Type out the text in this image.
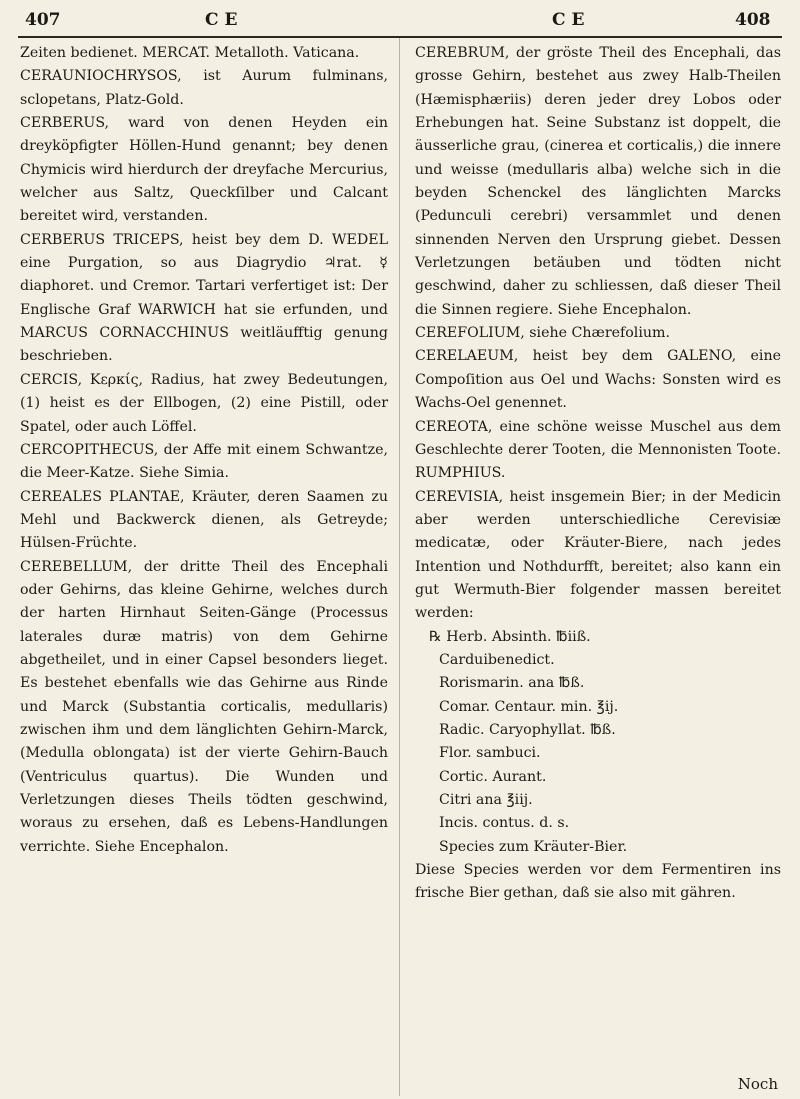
407	C E	C E	408

Zeiten bedienet. MERCAT. Metalloth. Vaticana.

CERAUNIOCHRYSOS, ist Aurum fulminans, sclopetans, Platz-Gold.

CERBERUS, ward von denen Heyden ein dreyköpfigter Höllen-Hund genannt; bey denen Chymicis wird hierdurch der dreyfache Mercurius, welcher aus Saltz, Queckſilber und Calcant bereitet wird, verstanden.

CERBERUS TRICEPS, heist bey dem D. WEDEL eine Purgation, so aus Diagrydio ♃rat. ☿ diaphoret. und Cremor. Tartari verfertiget ist: Der Englische Graf WARWICH hat sie erfunden, und MARCUS CORNACCHINUS weitläufftig genung beschrieben.

CERCIS, Κερκίς, Radius, hat zwey Bedeutungen, (1) heist es der Ellbogen, (2) eine Pistill, oder Spatel, oder auch Löffel.

CERCOPITHECUS, der Affe mit einem Schwantze, die Meer-Katze. Siehe Simia.

CEREALES PLANTAE, Kräuter, deren Saamen zu Mehl und Backwerck dienen, als Getreyde; Hülsen-Früchte.

CEREBELLUM, der dritte Theil des Encephali oder Gehirns, das kleine Gehirne, welches durch der harten Hirnhaut Seiten-Gänge (Processus laterales duræ matris) von dem Gehirne abgetheilet, und in einer Capsel besonders lieget. Es bestehet ebenfalls wie das Gehirne aus Rinde und Marck (Substantia corticalis, medullaris) zwischen ihm und dem länglichten Gehirn-Marck, (Medulla oblongata) ist der vierte Gehirn-Bauch (Ventriculus quartus). Die Wunden und Verletzungen dieses Theils tödten geschwind, woraus zu ersehen, daß es Lebens-Handlungen verrichte. Siehe Encephalon.

CEREBRUM, der gröste Theil des Encephali, das grosse Gehirn, bestehet aus zwey Halb-Theilen (Hæmisphæriis) deren jeder drey Lobos oder Erhebungen hat. Seine Substanz ist doppelt, die äusserliche grau, (cinerea et corticalis,) die innere und weisse (medullaris alba) welche sich in die beyden Schenckel des länglichten Marcks (Pedunculi cerebri) versammlet und denen sinnenden Nerven den Ursprung giebet. Dessen Verletzungen betäuben und tödten nicht geschwind, daher zu schliessen, daß dieser Theil die Sinnen regiere. Siehe Encephalon.

CEREFOLIUM, siehe Chærefolium.

CERELAEUM, heist bey dem GALENO, eine Compoſition aus Oel und Wachs: Sonsten wird es Wachs-Oel genennet.

CEREOTA, eine schöne weisse Muschel aus dem Geschlechte derer Tooten, die Mennonisten Toote. RUMPHIUS.

CEREVISIA, heist insgemein Bier; in der Medicin aber werden unterschiedliche Cerevisiæ medicatæ, oder Kräuter-Biere, nach jedes Intention und Nothdurfft, bereitet; also kann ein gut Wermuth-Bier folgender massen bereitet werden:

℞ Herb. Absinth. ℔iiß.

Carduibenedict.
Rorismarin. ana ℔ß.
Comar. Centaur. min. ℥ij.
Radic. Caryophyllat. ℔ß.
Flor. sambuci.
Cortic. Aurant.
Citri ana ℥iij.
Incis. contus. d. s.
Species zum Kräuter-Bier.

Diese Species werden vor dem Fermentiren ins frische Bier gethan, daß sie also mit gähren.

Noch
